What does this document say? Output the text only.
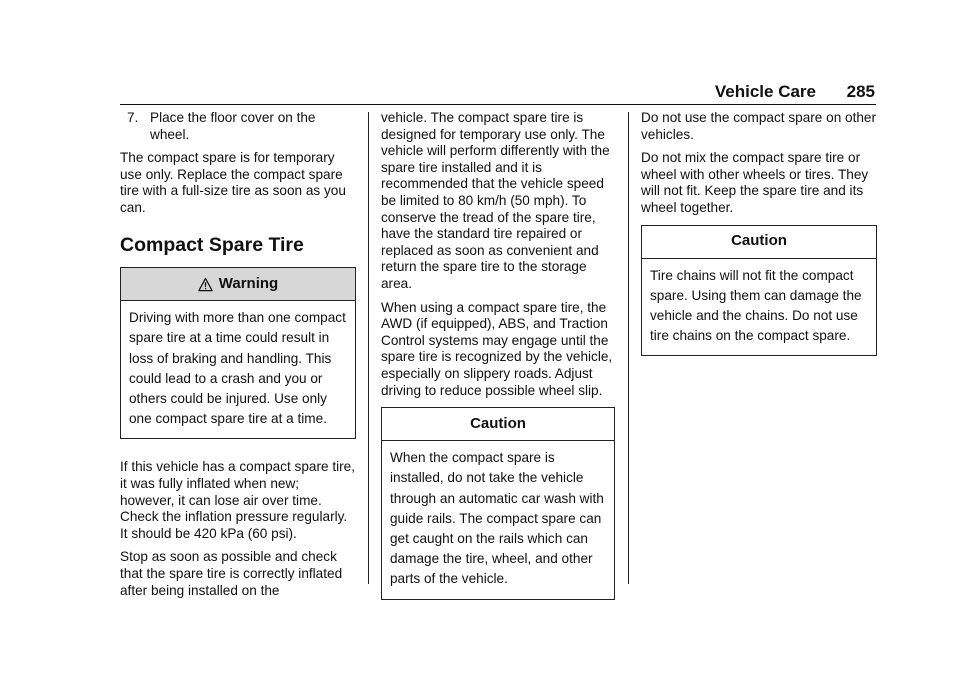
Vehicle Care 285
7. Place the floor cover on the wheel.

The compact spare is for temporary use only. Replace the compact spare tire with a full-size tire as soon as you can.

Compact Spare Tire
Warning
Driving with more than one compact spare tire at a time could result in loss of braking and handling. This could lead to a crash and you or others could be injured. Use only one compact spare tire at a time.

If this vehicle has a compact spare tire, it was fully inflated when new; however, it can lose air over time. Check the inflation pressure regularly. It should be 420 kPa (60 psi).

Stop as soon as possible and check that the spare tire is correctly inflated after being installed on the

vehicle. The compact spare tire is designed for temporary use only. The vehicle will perform differently with the spare tire installed and it is recommended that the vehicle speed be limited to 80 km/h (50 mph). To conserve the tread of the spare tire, have the standard tire repaired or replaced as soon as convenient and return the spare tire to the storage area.

When using a compact spare tire, the AWD (if equipped), ABS, and Traction Control systems may engage until the spare tire is recognized by the vehicle, especially on slippery roads. Adjust driving to reduce possible wheel slip.

Caution
When the compact spare is installed, do not take the vehicle through an automatic car wash with guide rails. The compact spare can get caught on the rails which can damage the tire, wheel, and other parts of the vehicle.

Do not use the compact spare on other vehicles.

Do not mix the compact spare tire or wheel with other wheels or tires. They will not fit. Keep the spare tire and its wheel together.

Caution
Tire chains will not fit the compact spare. Using them can damage the vehicle and the chains. Do not use tire chains on the compact spare.
